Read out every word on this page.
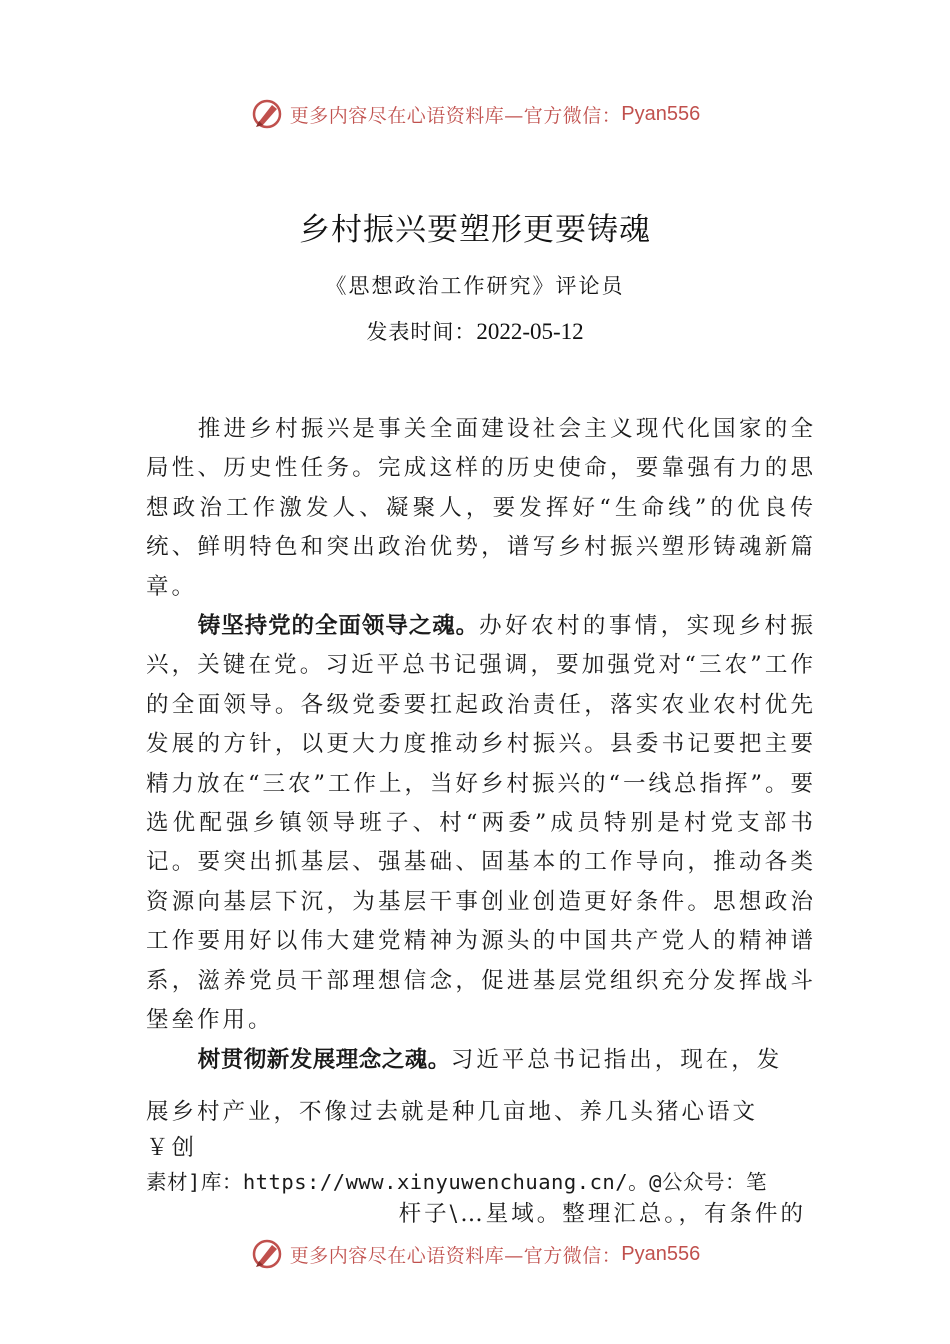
更多内容尽在心语资料库—官方微信： Pyan556
乡村振兴要塑形更要铸魂
《思想政治工作研究》评论员
发表时间：2022-05-12

推进乡村振兴是事关全面建设社会主义现代化国家的全局性、历史性任务。完成这样的历史使命，要靠强有力的思想政治工作激发人、凝聚人，要发挥好“生命线”的优良传统、鲜明特色和突出政治优势，谱写乡村振兴塑形铸魂新篇章。

铸坚持党的全面领导之魂。办好农村的事情，实现乡村振兴，关键在党。习近平总书记强调，要加强党对“三农”工作的全面领导。各级党委要扛起政治责任，落实农业农村优先发展的方针，以更大力度推动乡村振兴。县委书记要把主要精力放在“三农”工作上，当好乡村振兴的“一线总指挥”。要选优配强乡镇领导班子、村“两委”成员特别是村党支部书记。要突出抓基层、强基础、固基本的工作导向，推动各类资源向基层下沉，为基层干事创业创造更好条件。思想政治工作要用好以伟大建党精神为源头的中国共产党人的精神谱系，滋养党员干部理想信念，促进基层党组织充分发挥战斗堡垒作用。

树贯彻新发展理念之魂。习近平总书记指出，现在，发

展乡村产业，不像过去就是种几亩地、养几头猪心语文￥创
素材]库：https://www.xinyuwenchuang.cn/。@公众号：笔
杆子\…星域。整理汇总。，有条件的
更多内容尽在心语资料库—官方微信： Pyan556
